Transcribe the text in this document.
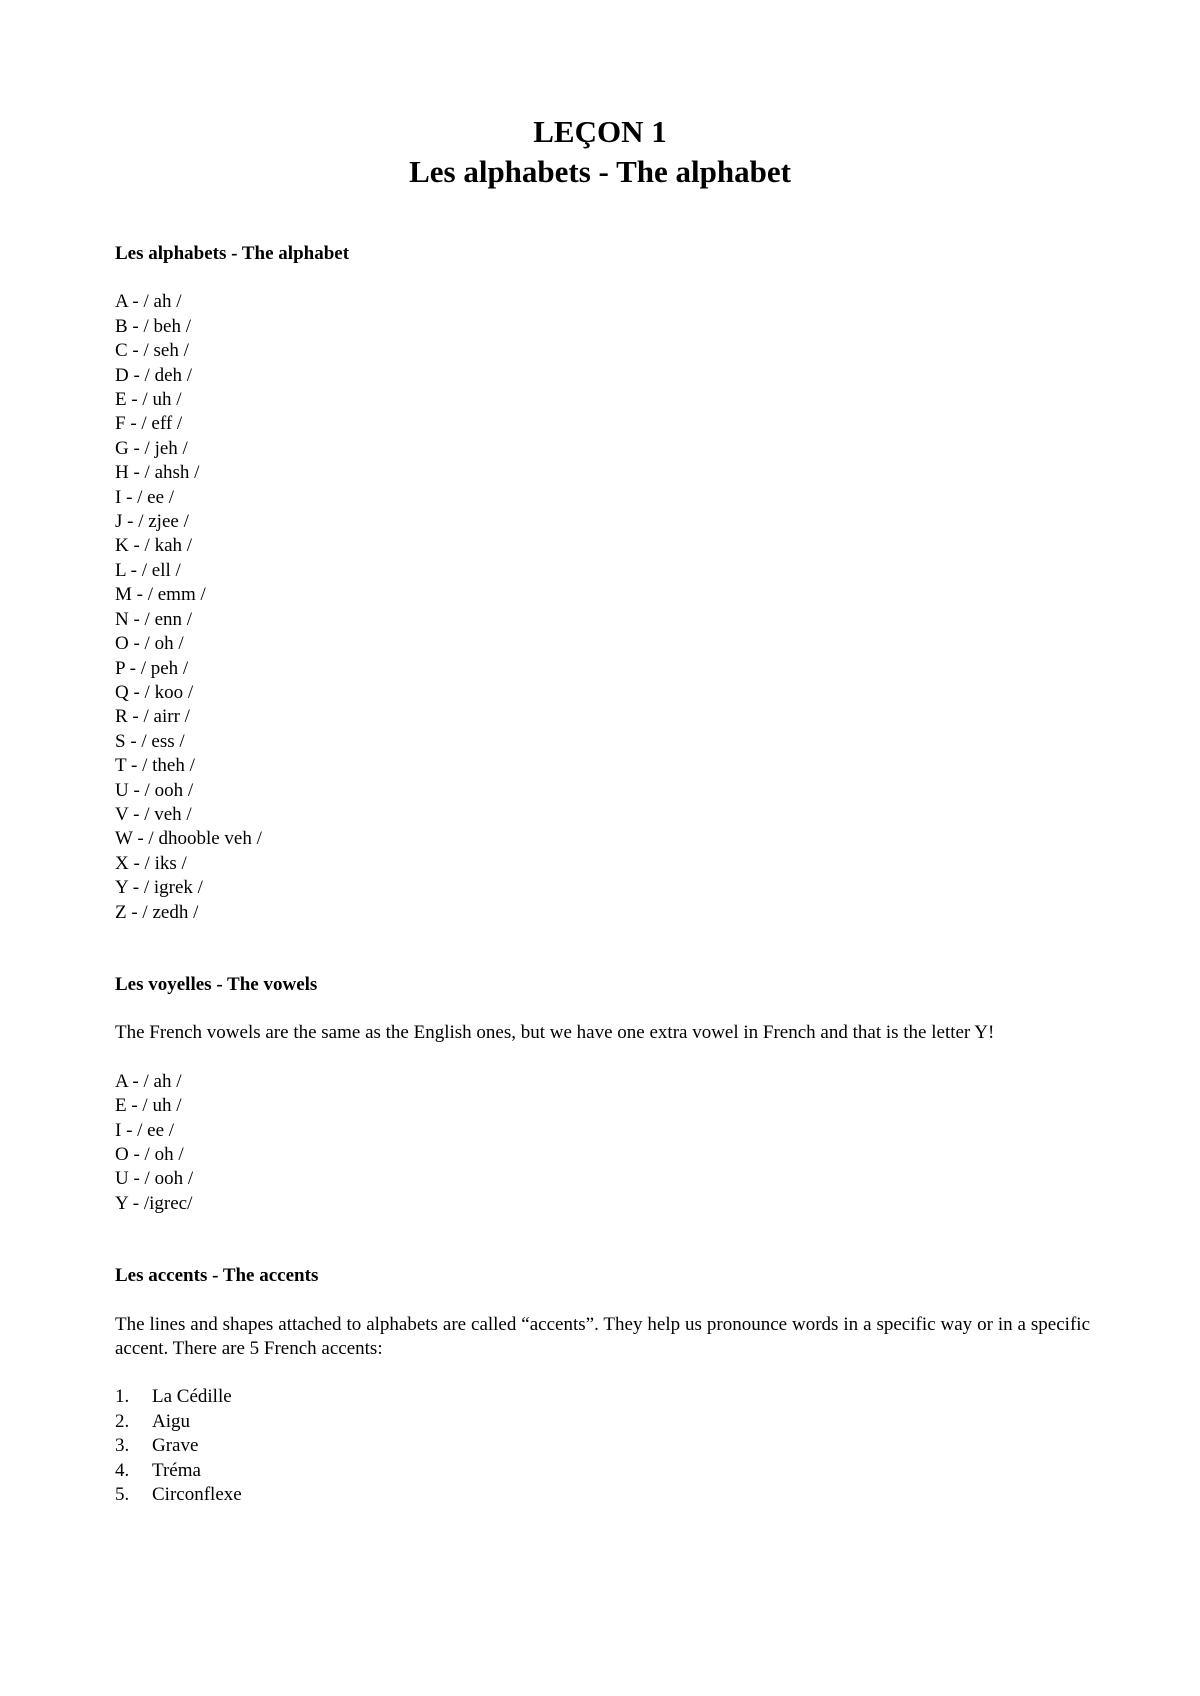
LEÇON 1
Les alphabets - The alphabet

Les alphabets - The alphabet

A - / ah /
B - / beh /
C - / seh /
D - / deh /
E - / uh /
F - / eff /
G - / jeh /
H - / ahsh /
I - / ee /
J - / zjee /
K - / kah /
L - / ell /
M - / emm /
N - / enn /
O - / oh /
P - / peh /
Q - / koo /
R - / airr /
S - / ess /
T - / theh /
U - / ooh /
V - / veh /
W - / dhooble veh /
X - / iks /
Y - / igrek /
Z - / zedh /

Les voyelles - The vowels

The French vowels are the same as the English ones, but we have one extra vowel in French and that is the letter Y!

A - / ah /
E - / uh /
I - / ee /
O - / oh /
U - / ooh /
Y - /igrec/

Les accents - The accents

The lines and shapes attached to alphabets are called “accents”. They help us pronounce words in a specific way or in a specific accent. There are 5 French accents:

1.	La Cédille
2.	Aigu
3.	Grave
4.	Tréma
5.	Circonflexe
